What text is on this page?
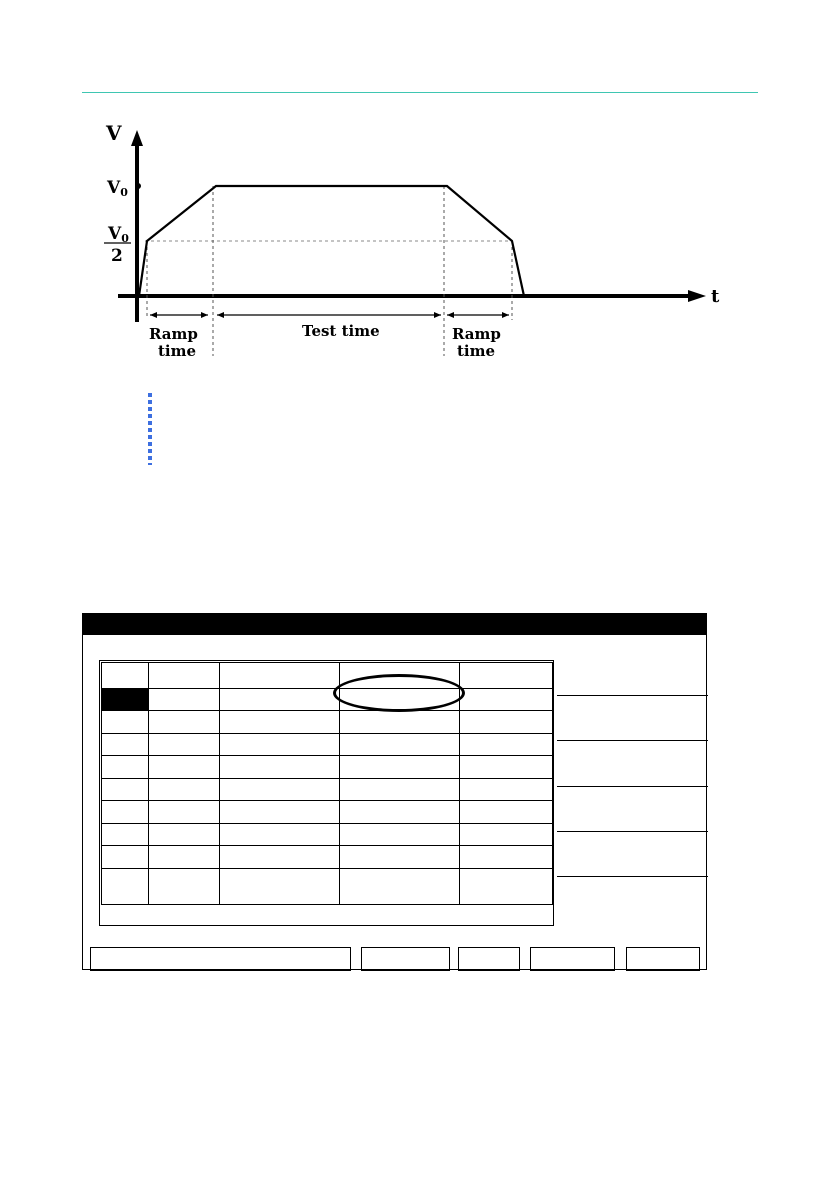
V
t
V0
V0
2
Ramp
time
Test time	Ramp
time
